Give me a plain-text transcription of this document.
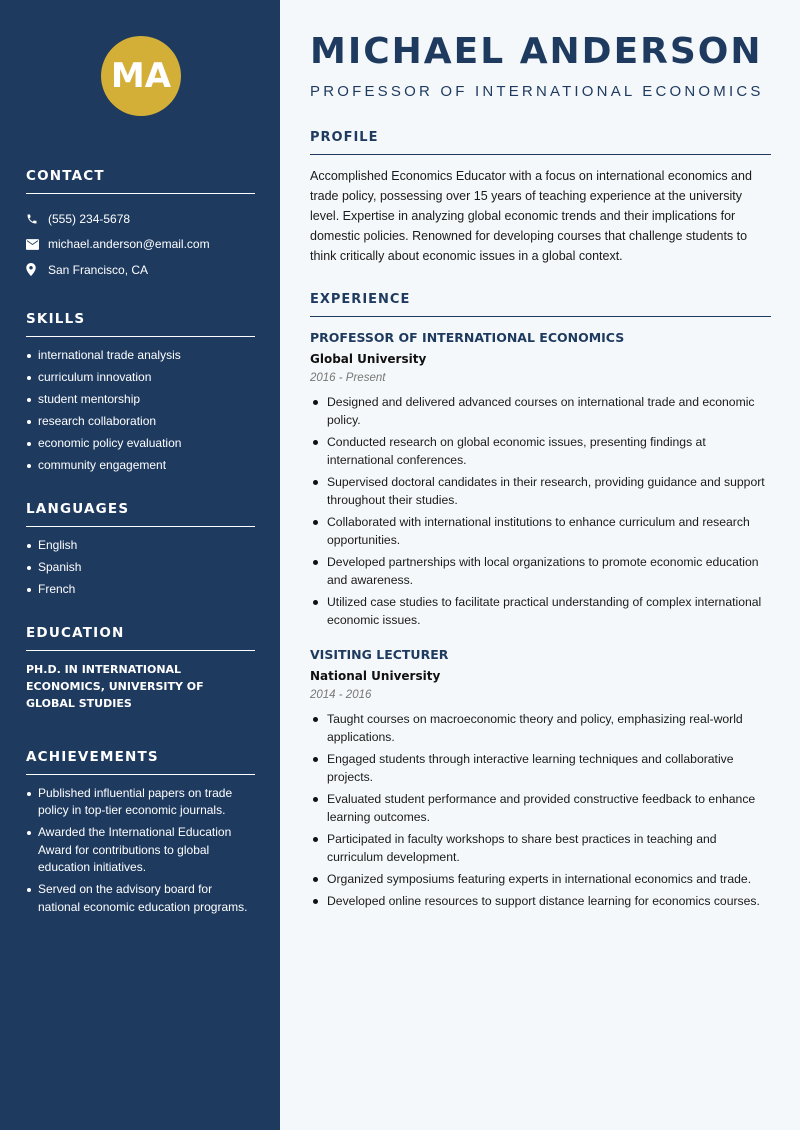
MA
CONTACT
(555) 234-5678
michael.anderson@email.com
San Francisco, CA
SKILLS
international trade analysis
curriculum innovation
student mentorship
research collaboration
economic policy evaluation
community engagement
LANGUAGES
English
Spanish
French
EDUCATION

PH.D. IN INTERNATIONAL ECONOMICS, UNIVERSITY OF GLOBAL STUDIES

ACHIEVEMENTS
Published influential papers on trade policy in top-tier economic journals.
Awarded the International Education Award for contributions to global education initiatives.
Served on the advisory board for national economic education programs.
MICHAEL ANDERSON
PROFESSOR OF INTERNATIONAL ECONOMICS
PROFILE

Accomplished Economics Educator with a focus on international economics and trade policy, possessing over 15 years of teaching experience at the university level. Expertise in analyzing global economic trends and their implications for domestic policies. Renowned for developing courses that challenge students to think critically about economic issues in a global context.

EXPERIENCE
PROFESSOR OF INTERNATIONAL ECONOMICS
Global University
2016 - Present
Designed and delivered advanced courses on international trade and economic policy.
Conducted research on global economic issues, presenting findings at international conferences.
Supervised doctoral candidates in their research, providing guidance and support throughout their studies.
Collaborated with international institutions to enhance curriculum and research opportunities.
Developed partnerships with local organizations to promote economic education and awareness.
Utilized case studies to facilitate practical understanding of complex international economic issues.
VISITING LECTURER
National University
2014 - 2016
Taught courses on macroeconomic theory and policy, emphasizing real-world applications.
Engaged students through interactive learning techniques and collaborative projects.
Evaluated student performance and provided constructive feedback to enhance learning outcomes.
Participated in faculty workshops to share best practices in teaching and curriculum development.
Organized symposiums featuring experts in international economics and trade.
Developed online resources to support distance learning for economics courses.
